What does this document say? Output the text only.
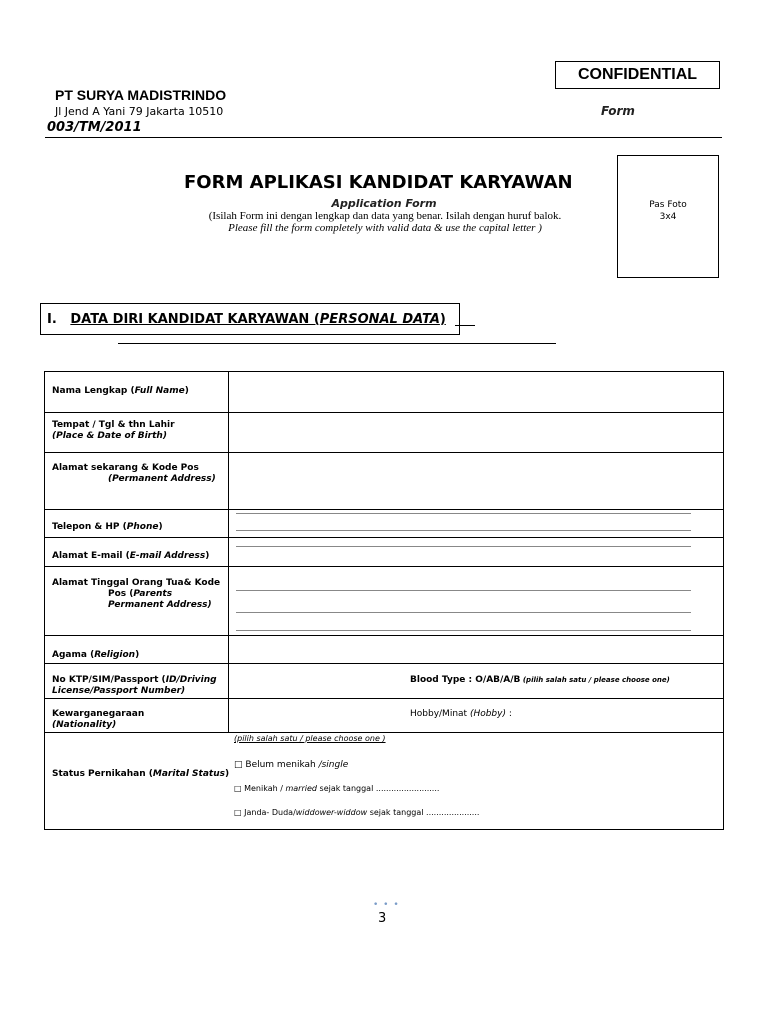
CONFIDENTIAL
PT SURYA MADISTRINDO
Jl Jend A Yani 79 Jakarta 10510	Form
003/TM/2011
FORM APLIKASI KANDIDAT KARYAWAN
Application Form
(Isilah Form ini dengan lengkap dan data yang benar. Isilah dengan huruf balok.
Please fill the form completely with valid data & use the capital letter )
Pas Foto
3x4
I. DATA DIRI KANDIDAT KARYAWAN (PERSONAL DATA)
Nama Lengkap (Full Name)
Tempat / Tgl & thn Lahir
(Place & Date of Birth)
Alamat sekarang & Kode Pos
(Permanent Address)
Telepon & HP (Phone)
Alamat E-mail (E-mail Address)
Alamat Tinggal Orang Tua& Kode
Pos (Parents
Permanent Address)
Agama (Religion)
No KTP/SIM/Passport (ID/Driving
License/Passport Number)
Blood Type : O/AB/A/B (pilih salah satu / please choose one)
Kewarganegaraan
(Nationality)
Hobby/Minat (Hobby) :
Status Pernikahan (Marital Status)
(pilih salah satu / please choose one )
□ Belum menikah /single
□ Menikah / married sejak tanggal .........................
□ Janda- Duda/widdower-widdow sejak tanggal .....................
• • •
3
